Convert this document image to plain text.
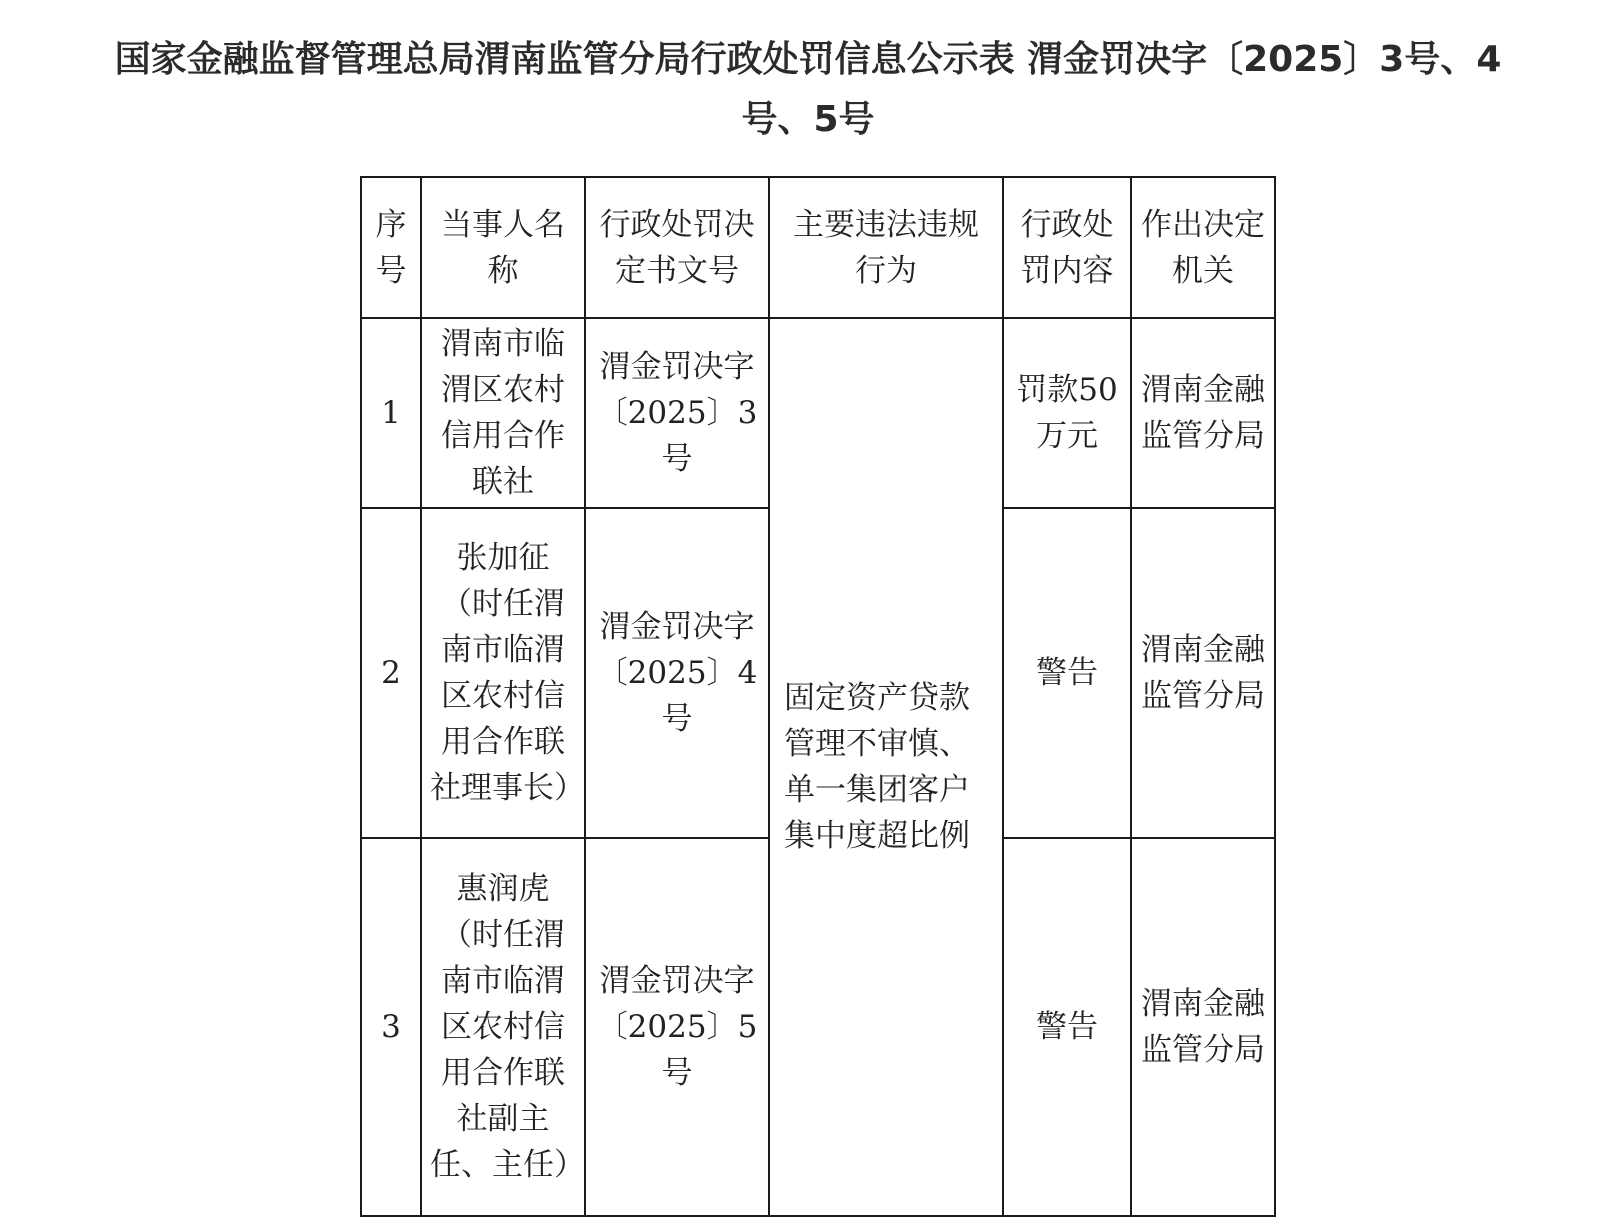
国家金融监督管理总局渭南监管分局行政处罚信息公示表 渭金罚决字〔2025〕3号、4
号、5号
序号	当事人名称	行政处罚决定书文号	主要违法违规行为	行政处罚内容	作出决定机关
1	渭南市临渭区农村信用合作联社	渭金罚决字〔2025〕3号	固定资产贷款管理不审慎、单一集团客户集中度超比例	罚款50万元	渭南金融监管分局
2	张加征（时任渭南市临渭区农村信用合作联社理事长）	渭金罚决字〔2025〕4号		警告	渭南金融监管分局
3	惠润虎（时任渭南市临渭区农村信用合作联社副主任、主任）	渭金罚决字〔2025〕5号		警告	渭南金融监管分局
